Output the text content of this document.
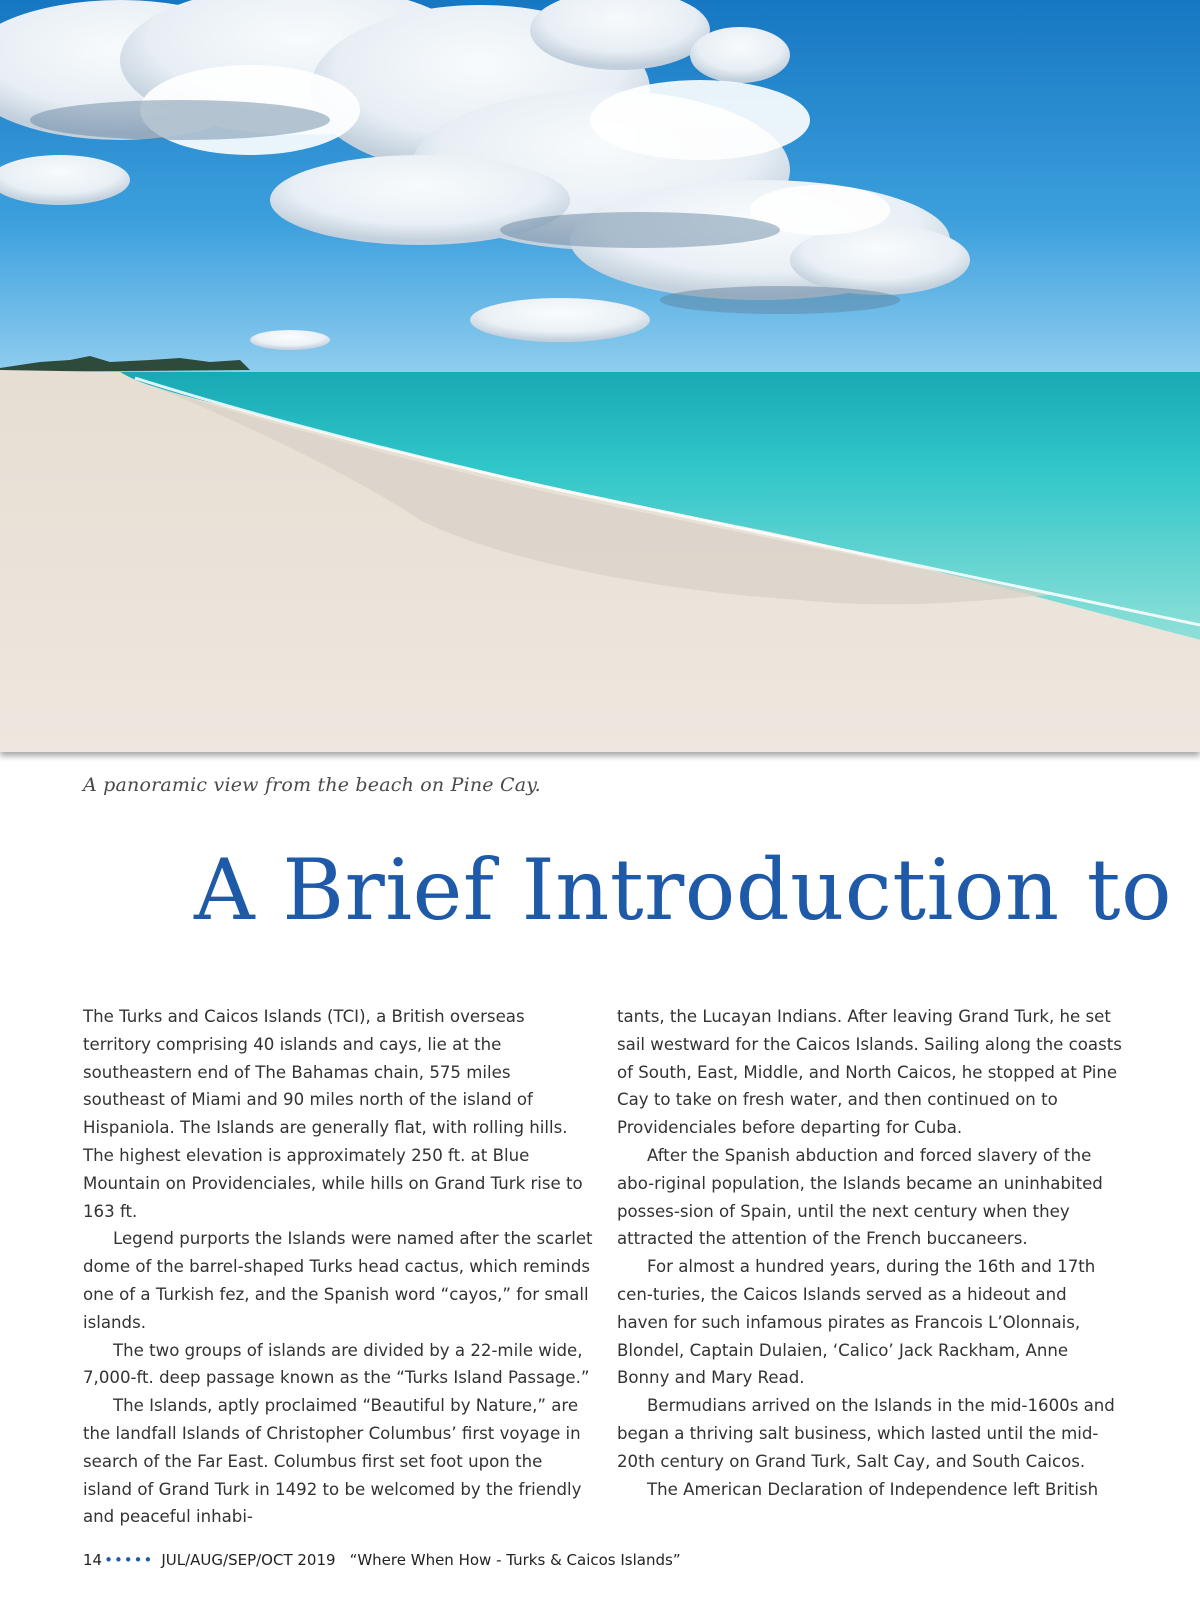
A panoramic view from the beach on Pine Cay.
A Brief Introduction to

The Turks and Caicos Islands (TCI), a British overseas territory comprising 40 islands and cays, lie at the southeastern end of The Bahamas chain, 575 miles southeast of Miami and 90 miles north of the island of Hispaniola. The Islands are generally flat, with rolling hills. The highest elevation is approximately 250 ft. at Blue Mountain on Providenciales, while hills on Grand Turk rise to 163 ft.

Legend purports the Islands were named after the scarlet dome of the barrel-shaped Turks head cactus, which reminds one of a Turkish fez, and the Spanish word “cayos,” for small islands.

The two groups of islands are divided by a 22-mile wide, 7,000-ft. deep passage known as the “Turks Island Passage.”

The Islands, aptly proclaimed “Beautiful by Nature,” are the landfall Islands of Christopher Columbus’ first voyage in search of the Far East. Columbus first set foot upon the island of Grand Turk in 1492 to be welcomed by the friendly and peaceful inhabi-

tants, the Lucayan Indians. After leaving Grand Turk, he set sail westward for the Caicos Islands. Sailing along the coasts of South, East, Middle, and North Caicos, he stopped at Pine Cay to take on fresh water, and then continued on to Providenciales before departing for Cuba.

After the Spanish abduction and forced slavery of the abo-riginal population, the Islands became an uninhabited posses-sion of Spain, until the next century when they attracted the attention of the French buccaneers.

For almost a hundred years, during the 16th and 17th cen-turies, the Caicos Islands served as a hideout and haven for such infamous pirates as Francois L’Olonnais, Blondel, Captain Dulaien, ‘Calico’ Jack Rackham, Anne Bonny and Mary Read.

Bermudians arrived on the Islands in the mid-1600s and began a thriving salt business, which lasted until the mid-20th century on Grand Turk, Salt Cay, and South Caicos.

The American Declaration of Independence left British

14 ••••• JUL/AUG/SEP/OCT 2019 “Where When How - Turks & Caicos Islands”
